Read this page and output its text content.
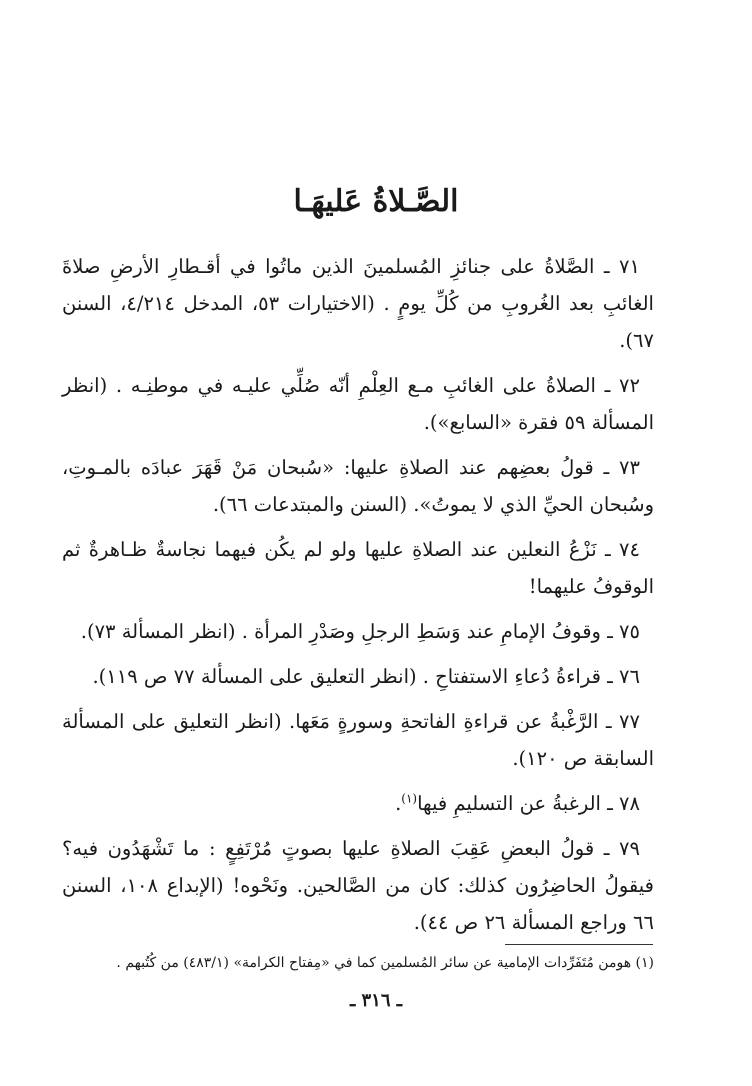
الصَّـلاةُ عَليهَـا

٧١ ـ الصَّلاةُ على جنائزِ المُسلمينَ الذين ماتُوا في أقـطارِ الأرضِ صلاةَ الغائبِ بعد الغُروبِ من كُلِّ يومٍ . (الاختيارات ٥٣، المدخل ٤/٢١٤، السنن ٦٧).

٧٢ ـ الصلاةُ على الغائبِ مـع العِلْمِ أنّه صُلِّي عليـه في موطنِـه . (انظر المسألة ٥٩ فقرة «السابع»).

٧٣ ـ قولُ بعضِهم عند الصلاةِ عليها: «سُبحان مَنْ قَهَرَ عبادَه بالمـوتِ، وسُبحان الحيِّ الذي لا يموتُ». (السنن والمبتدعات ٦٦).

٧٤ ـ نَزْعُ النعلين عند الصلاةِ عليها ولو لم يكُن فيهما نجاسةٌ ظـاهرةٌ ثم الوقوفُ عليهما!

٧٥ ـ وقوفُ الإمامِ عند وَسَطِ الرجلِ وصَدْرِ المرأة . (انظر المسألة ٧٣).

٧٦ ـ قراءةُ دُعاءِ الاستفتاحِ . (انظر التعليق على المسألة ٧٧ ص ١١٩).

٧٧ ـ الرَّغْبةُ عن قراءةِ الفاتحةِ وسورةٍ مَعَها. (انظر التعليق على المسألة السابقة ص ١٢٠).

٧٨ ـ الرغبةُ عن التسليمِ فيها$^{(١)}$.

٧٩ ـ قولُ البعضِ عَقِبَ الصلاةِ عليها بصوتٍ مُرْتَفِعٍ : ما تَشْهَدُون فيه؟ فيقولُ الحاضِرُون كذلك: كان من الصَّالحين. ونَحْوه! (الإبداع ١٠٨، السنن ٦٦ وراجع المسألة ٢٦ ص ٤٤).

(١) هومن مُتَفَرِّدات الإمامية عن سائر المُسلمين كما في «مِفتاح الكرامة» (٤٨٣/١) من كُتُبهم .
ـ ٣١٦ ـ
